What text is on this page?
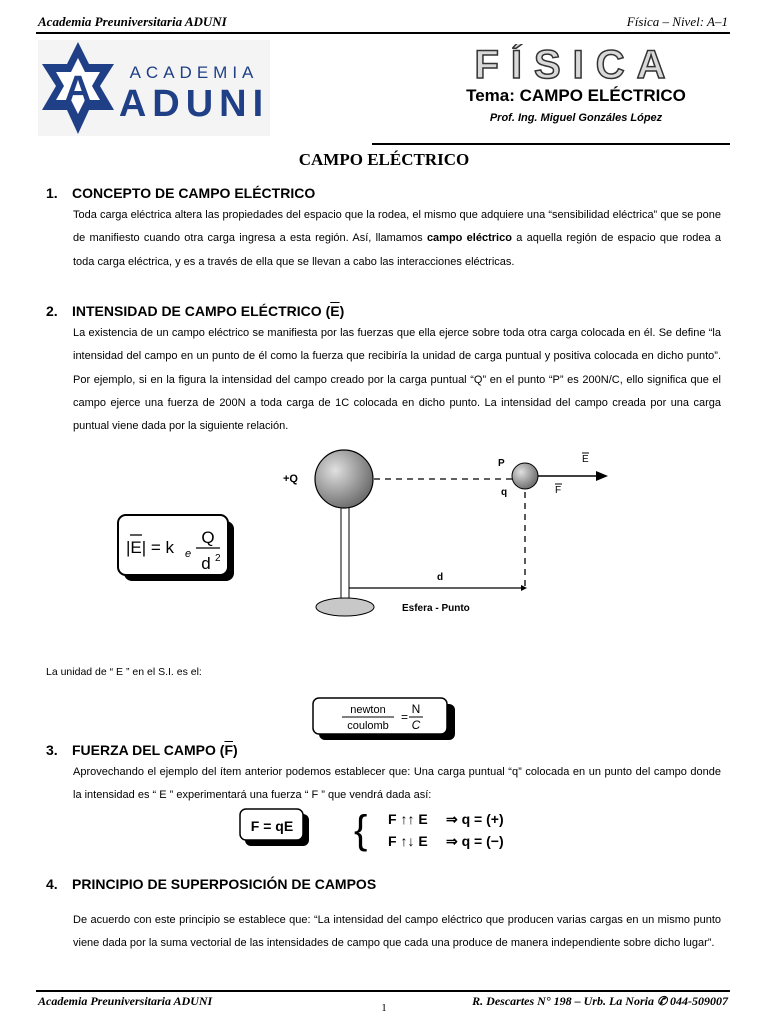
Academia Preuniversitaria ADUNI	Física – Nivel: A–1
A ACADEMIA
ADUNI
FÍSICA
Tema: CAMPO ELÉCTRICO
Prof. Ing. Miguel Gonzáles López
CAMPO ELÉCTRICO
1. CONCEPTO DE CAMPO ELÉCTRICO
Toda carga eléctrica altera las propiedades del espacio que la rodea, el mismo que adquiere una “sensibilidad eléctrica” que se pone de manifiesto cuando otra carga ingresa a esta región. Así, llamamos campo eléctrico a aquella región de espacio que rodea a toda carga eléctrica, y es a través de ella que se llevan a cabo las interacciones eléctricas.
2. INTENSIDAD DE CAMPO ELÉCTRICO $(\overline{E})$
La existencia de un campo eléctrico se manifiesta por las fuerzas que ella ejerce sobre toda otra carga colocada en él. Se define “la intensidad del campo en un punto de él como la fuerza que recibiría la unidad de carga puntual y positiva colocada en dicho punto”. Por ejemplo, si en la figura la intensidad del campo creado por la carga puntual “Q” en el punto “P” es 200N/C, ello significa que el campo ejerce una fuerza de 200N a toda carga de 1C colocada en dicho punto. La intensidad del campo creada por una carga puntual viene dada por la siguiente relación.
|E| = k e
Q
d 2
+Q
P
q
E
F
d
Esfera - Punto
La unidad de “ E ” en el S.I. es el:
newton
coulomb
=
N
C
3. FUERZA DEL CAMPO $(\overline{F})$
Aprovechando el ejemplo del ítem anterior podemos establecer que: Una carga puntual “q” colocada en un punto del campo donde la intensidad es “ E ” experimentará una fuerza “ F ” que vendrá dada así:
F = qE { F ↑↑ E ⇒ q = (+)
F ↑↓ E ⇒ q = (−)
4. PRINCIPIO DE SUPERPOSICIÓN DE CAMPOS
De acuerdo con este principio se establece que: “La intensidad del campo eléctrico que producen varias cargas en un mismo punto viene dada por la suma vectorial de las intensidades de campo que cada una produce de manera independiente sobre dicho lugar”.
Academia Preuniversitaria ADUNI	R. Descartes N° 198 – Urb. La Noria ✆ 044-509007
1
